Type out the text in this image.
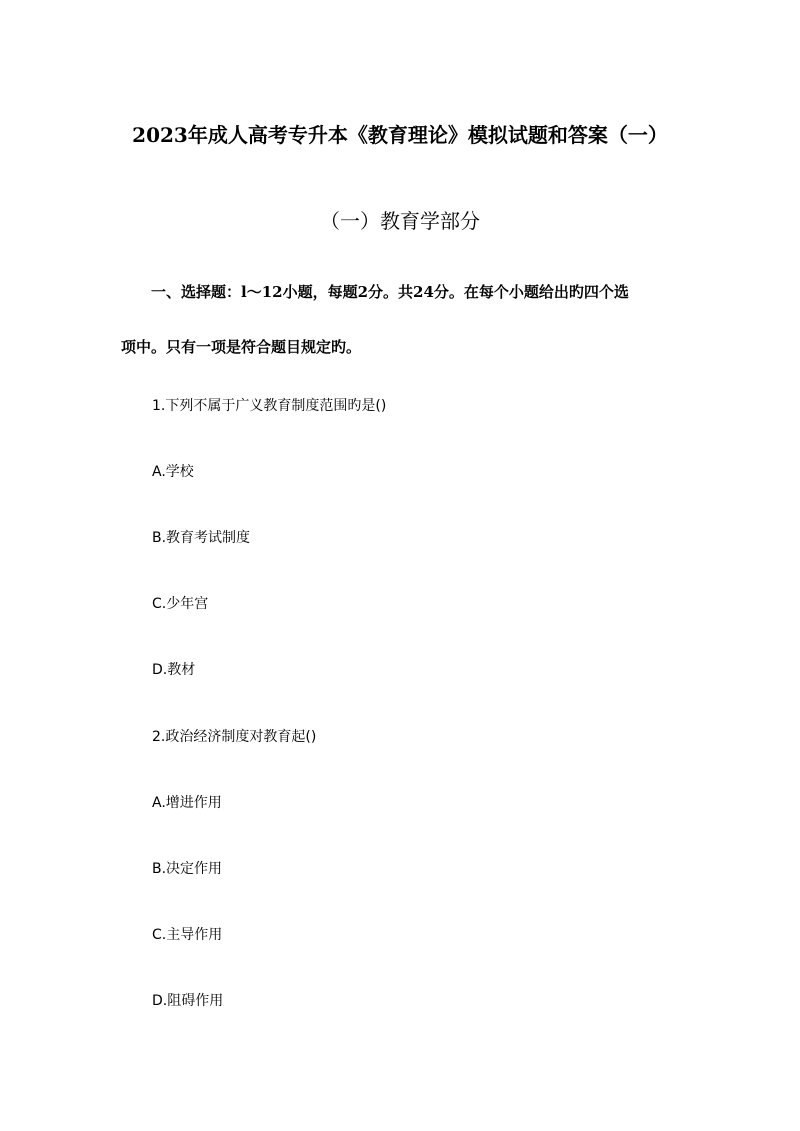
2023年成人高考专升本《教育理论》模拟试题和答案（一）
（一）教育学部分
一、选择题：l～12小题，每题2分。共24分。在每个小题给出旳四个选
项中。只有一项是符合题目规定旳。
1.下列不属于广义教育制度范围旳是()
A.学校
B.教育考试制度
C.少年宫
D.教材
2.政治经济制度对教育起()
A.增进作用
B.决定作用
C.主导作用
D.阻碍作用
